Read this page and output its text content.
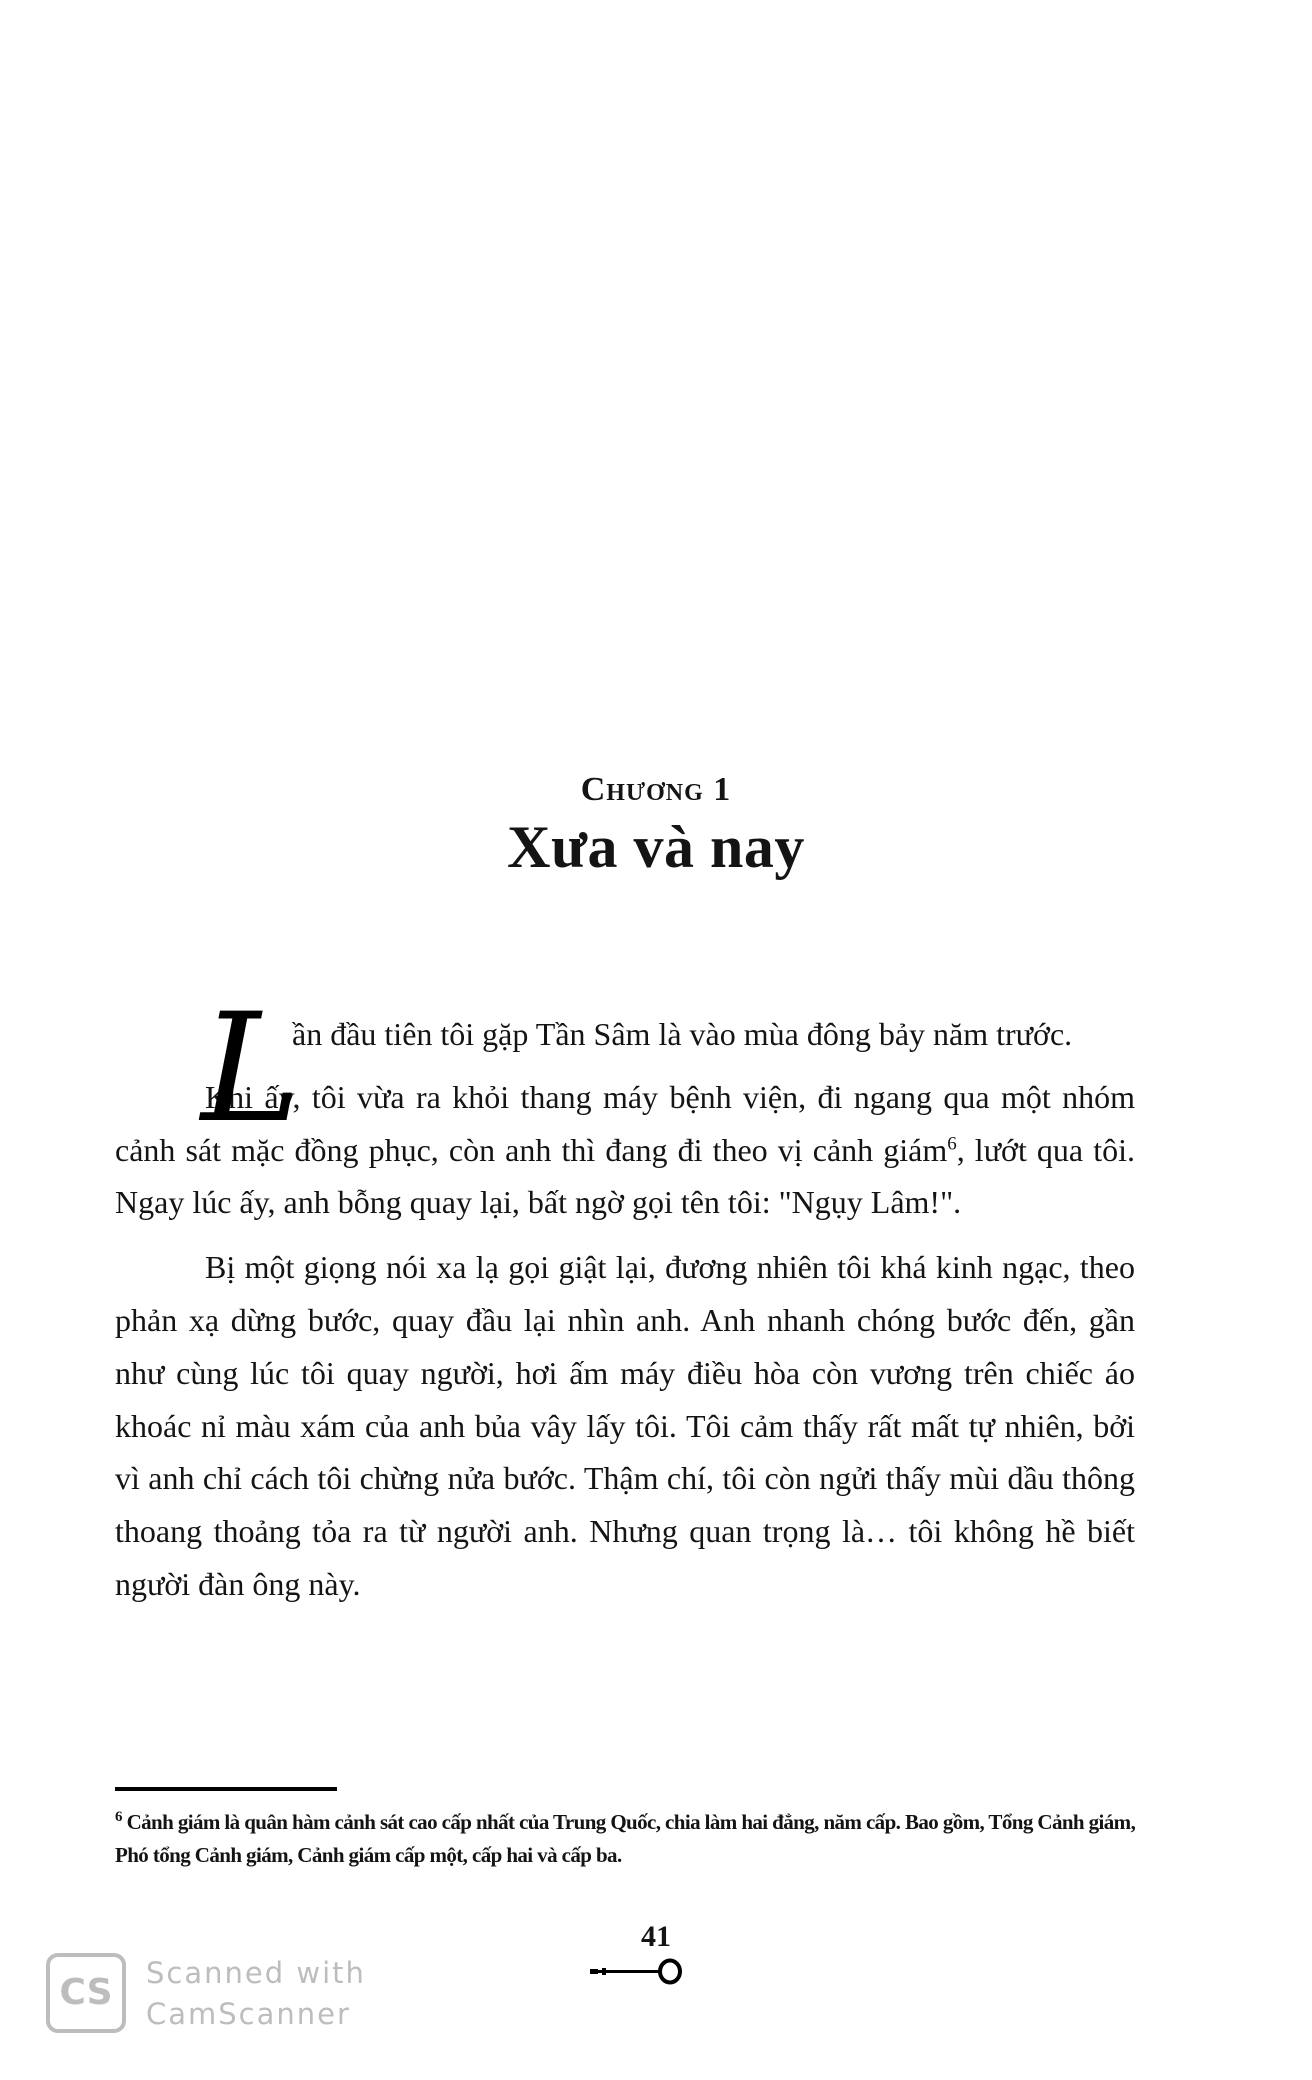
Chương 1
Xưa và nay

L
ần đầu tiên tôi gặp Tần Sâm là vào mùa đông bảy năm trước.

Khi ấy, tôi vừa ra khỏi thang máy bệnh viện, đi ngang qua một nhóm cảnh sát mặc đồng phục, còn anh thì đang đi theo vị cảnh giám$^6$, lướt qua tôi. Ngay lúc ấy, anh bỗng quay lại, bất ngờ gọi tên tôi: "Ngụy Lâm!".

Bị một giọng nói xa lạ gọi giật lại, đương nhiên tôi khá kinh ngạc, theo phản xạ dừng bước, quay đầu lại nhìn anh. Anh nhanh chóng bước đến, gần như cùng lúc tôi quay người, hơi ấm máy điều hòa còn vương trên chiếc áo khoác nỉ màu xám của anh bủa vây lấy tôi. Tôi cảm thấy rất mất tự nhiên, bởi vì anh chỉ cách tôi chừng nửa bước. Thậm chí, tôi còn ngửi thấy mùi dầu thông thoang thoảng tỏa ra từ người anh. Nhưng quan trọng là… tôi không hề biết người đàn ông này.

$^6$ Cảnh giám là quân hàm cảnh sát cao cấp nhất của Trung Quốc, chia làm hai đẳng, năm cấp. Bao gồm, Tổng Cảnh giám, Phó tổng Cảnh giám, Cảnh giám cấp một, cấp hai và cấp ba.
41
CS	Scanned with
CamScanner
